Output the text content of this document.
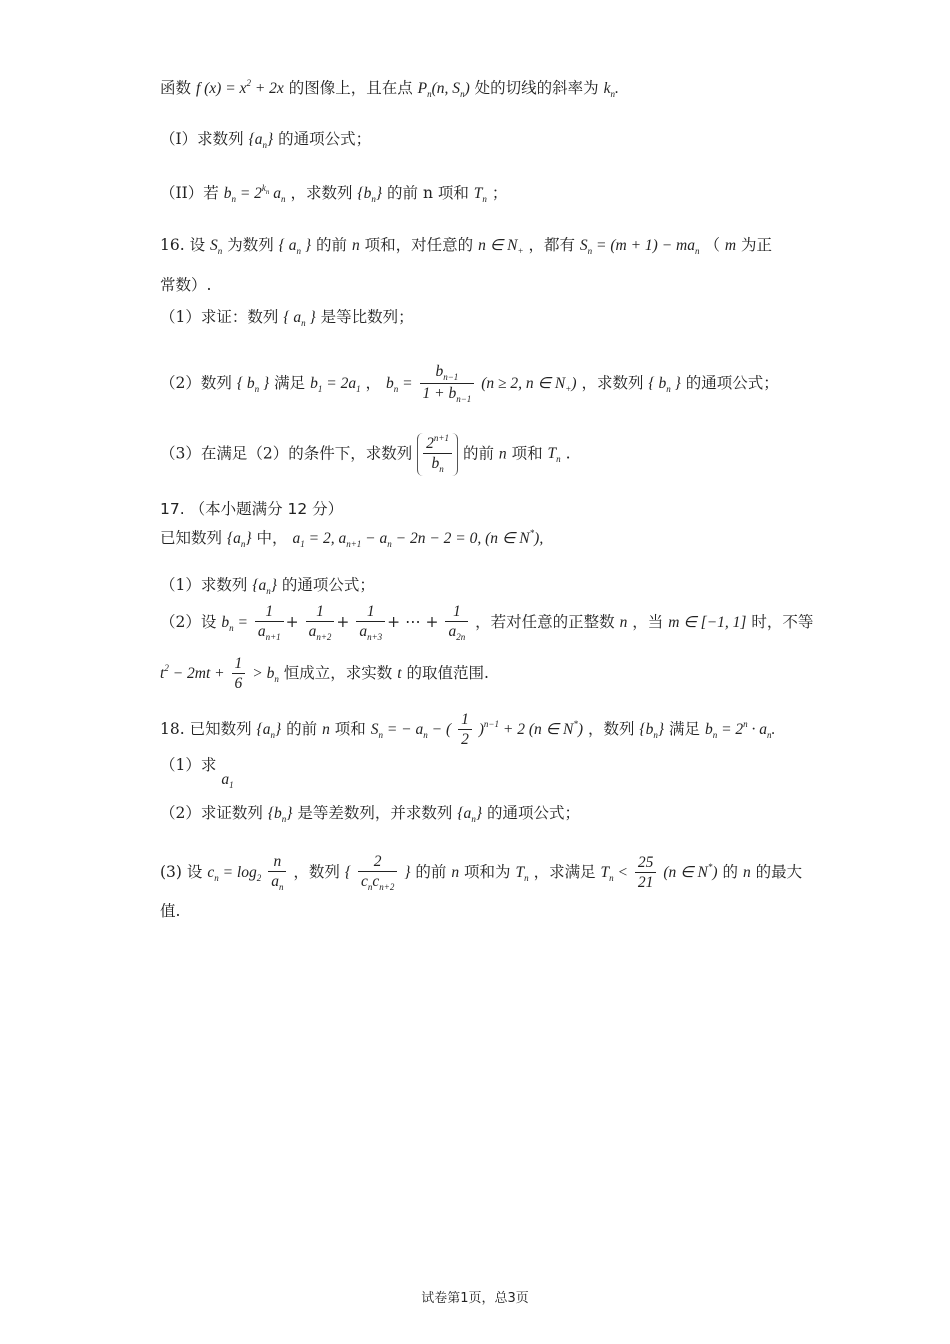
函数 f $(x) = x^2 + 2x$ 的图像上，且在点 $P_n(n$, $S_n$) 处的切线的斜率为 $k_n$.
（I）求数列 $\{a_n\}$ 的通项公式；
（II）若 $b_n = 2^{k_n}$ $a_n$ ，求数列 $\{b_n\}$ 的前 n 项和 $T_n$ ；
16. 设 $S_n$ 为数列 { $a_n$ } 的前 n 项和，对任意的 n ∈ $N_+$ ，都有 $S_n = (m + 1) - ma_n$ （ m 为正
常数）.
（1）求证：数列 { $a_n$ } 是等比数列；
（2）数列 { $b_n$ } 满足 $b_1 = 2a_1$ ， $b_n = \frac{b_{n-1}}{1 + b_{n-1}} (n \ge 2$, n ∈ $N_+$) ，求数列 { $b_n$ } 的通项公式；
（3）在满足（2）的条件下，求数列 $\frac{2^{n+1}}{b_n}$ 的前 n 项和 $T_n$ .
17. （本小题满分 12 分）
已知数列 $\{a_n\}$ 中， $a_1 = 2$, $a_{n+1} - a_n - 2n - 2 = 0$, (n ∈ N*),
（1）求数列 $\{a_n\}$ 的通项公式；
（2）设 $b_n = \frac{1}{a_{n+1}} + \frac{1}{a_{n+2}} + \frac{1}{a_{n+3}}$ + ⋯ + $\frac{1}{a_{2n}}$ ，若对任意的正整数 n ，当 m ∈ [−1, 1] 时，不等
$t^2 - 2mt + \frac{1}{6} > b_n$ 恒成立，求实数 t 的取值范围.
18. 已知数列 $\{a_n\}$ 的前 n 项和 $S_n$ = − $a_n$ − ( $\frac{1}{2} )^{n-1} + 2$ (n ∈ N*) ，数列 $\{b_n\}$ 满足 $b_n = 2^n \cdot a_n$.
（1）求 $a_1$
（2）求证数列 $\{b_n\}$ 是等差数列，并求数列 $\{a_n\}$ 的通项公式；
(3) 设 $c_n = \log_2 \frac{n}{a_n}$ ，数列 { $\frac{2}{c_nc_{n+2}}$ } 的前 n 项和为 $T_n$ ，求满足 $T_n < \frac{25}{21} (n$ ∈ N*) 的 n 的最大
值.
试卷第1页，总3页
